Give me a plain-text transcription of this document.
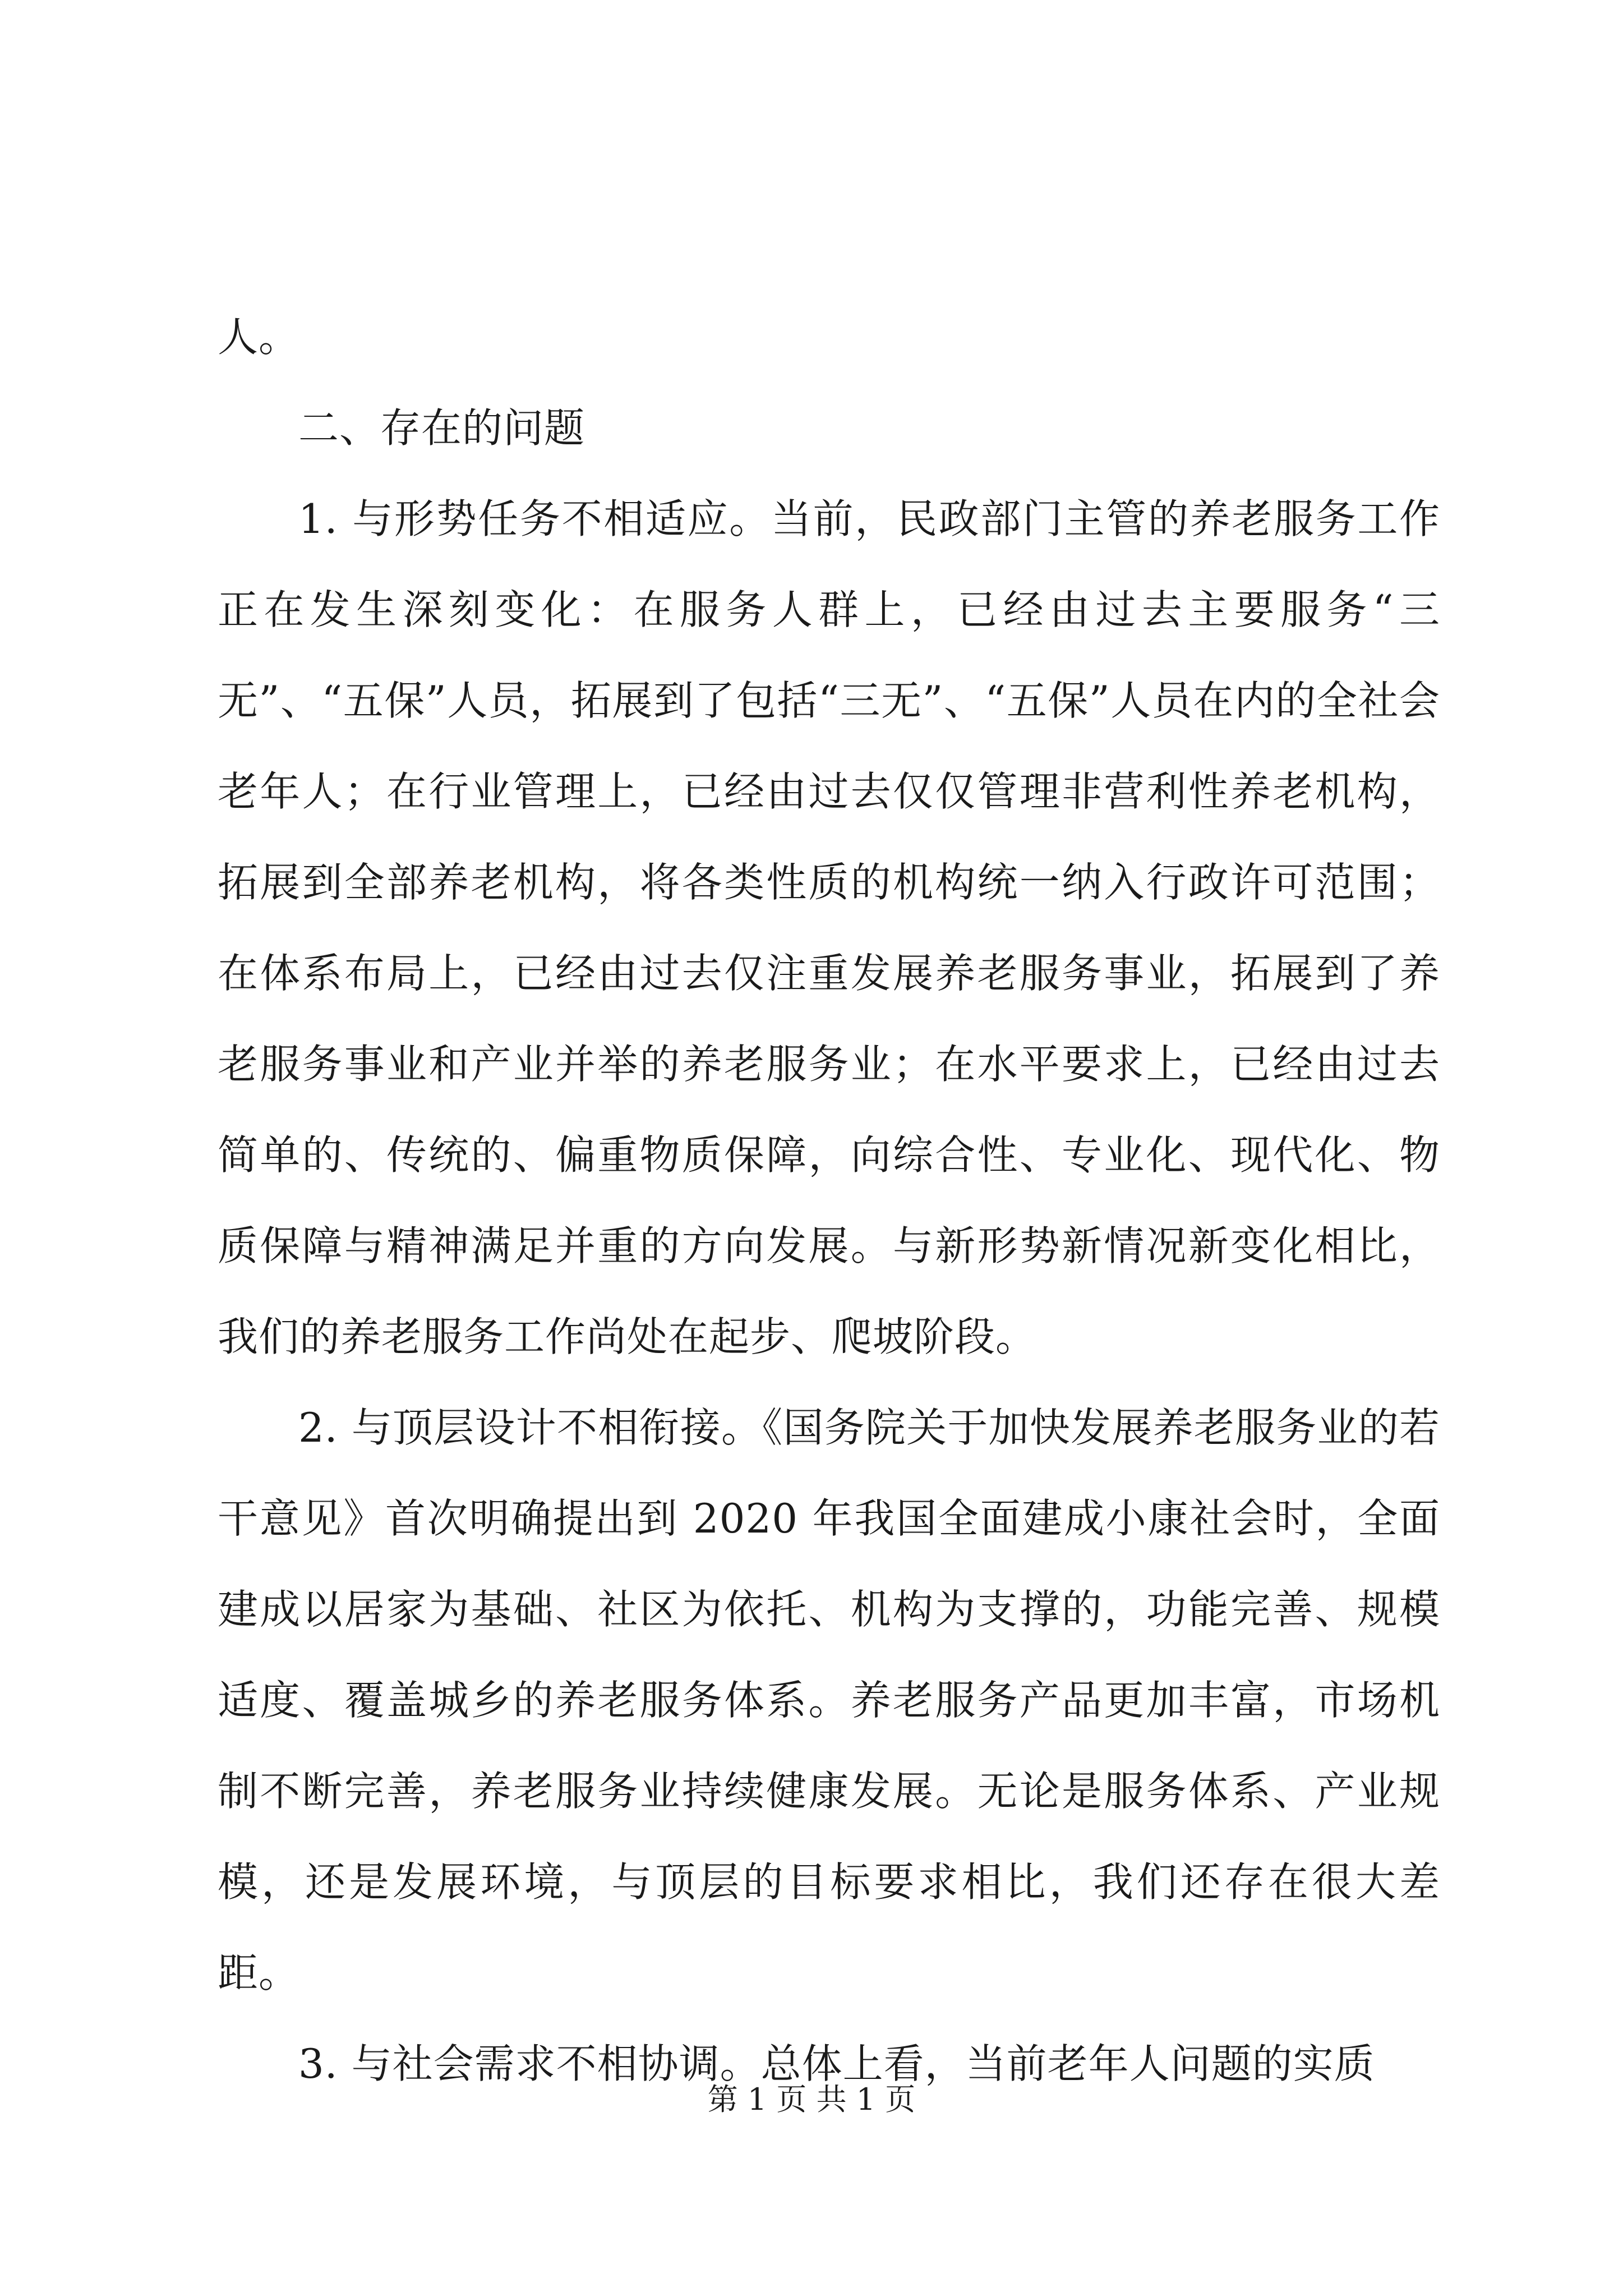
人。

二、存在的问题

1. 与形势任务不相适应。当前，民政部门主管的养老服务工作正在发生深刻变化：在服务人群上，已经由过去主要服务“三无”、“五保”人员，拓展到了包括“三无”、“五保”人员在内的全社会老年人；在行业管理上，已经由过去仅仅管理非营利性养老机构，拓展到全部养老机构，将各类性质的机构统一纳入行政许可范围；在体系布局上，已经由过去仅注重发展养老服务事业，拓展到了养老服务事业和产业并举的养老服务业；在水平要求上，已经由过去简单的、传统的、偏重物质保障，向综合性、专业化、现代化、物质保障与精神满足并重的方向发展。与新形势新情况新变化相比，我们的养老服务工作尚处在起步、爬坡阶段。

2. 与顶层设计不相衔接。《国务院关于加快发展养老服务业的若干意见》首次明确提出到 2020 年我国全面建成小康社会时，全面建成以居家为基础、社区为依托、机构为支撑的，功能完善、规模适度、覆盖城乡的养老服务体系。养老服务产品更加丰富，市场机制不断完善，养老服务业持续健康发展。无论是服务体系、产业规模，还是发展环境，与顶层的目标要求相比，我们还存在很大差距。

3. 与社会需求不相协调。总体上看，当前老年人问题的实质

第 1 页 共 1 页
